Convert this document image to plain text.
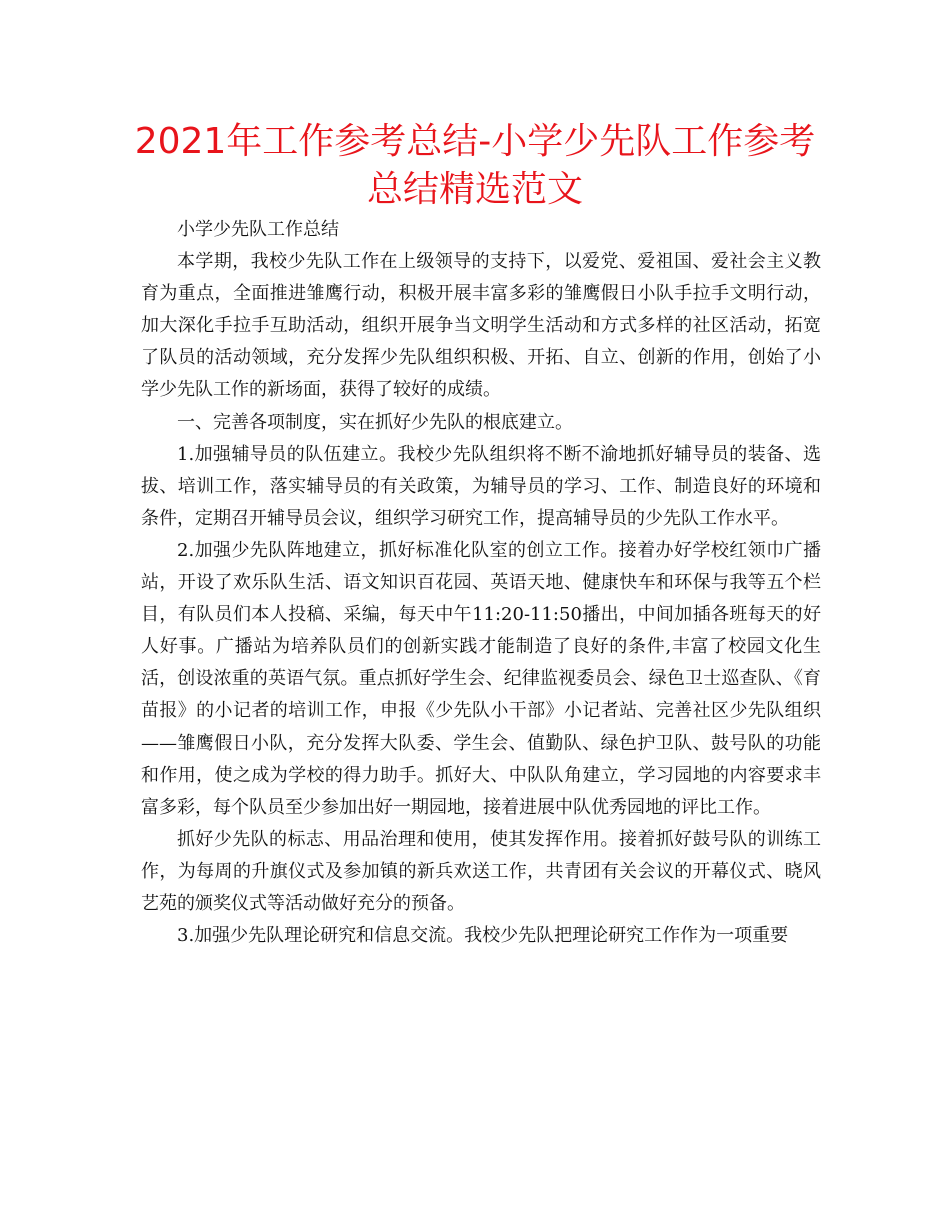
2021年工作参考总结-小学少先队工作参考总结精选范文

小学少先队工作总结

本学期，我校少先队工作在上级领导的支持下，以爱党、爱祖国、爱社会主义教育为重点，全面推进雏鹰行动，积极开展丰富多彩的雏鹰假日小队手拉手文明行动，加大深化手拉手互助活动，组织开展争当文明学生活动和方式多样的社区活动，拓宽了队员的活动领域，充分发挥少先队组织积极、开拓、自立、创新的作用，创始了小学少先队工作的新场面，获得了较好的成绩。

一、完善各项制度，实在抓好少先队的根底建立。

1.加强辅导员的队伍建立。我校少先队组织将不断不渝地抓好辅导员的装备、选拔、培训工作，落实辅导员的有关政策，为辅导员的学习、工作、制造良好的环境和条件，定期召开辅导员会议，组织学习研究工作，提高辅导员的少先队工作水平。

2.加强少先队阵地建立，抓好标准化队室的创立工作。接着办好学校红领巾广播站，开设了欢乐队生活、语文知识百花园、英语天地、健康快车和环保与我等五个栏目，有队员们本人投稿、采编，每天中午11:20-11:50播出，中间加插各班每天的好人好事。广播站为培养队员们的创新实践才能制造了良好的条件,丰富了校园文化生活，创设浓重的英语气氛。重点抓好学生会、纪律监视委员会、绿色卫士巡查队、《育苗报》的小记者的培训工作，申报《少先队小干部》小记者站、完善社区少先队组织——雏鹰假日小队，充分发挥大队委、学生会、值勤队、绿色护卫队、鼓号队的功能和作用，使之成为学校的得力助手。抓好大、中队队角建立，学习园地的内容要求丰富多彩，每个队员至少参加出好一期园地，接着进展中队优秀园地的评比工作。

抓好少先队的标志、用品治理和使用，使其发挥作用。接着抓好鼓号队的训练工作，为每周的升旗仪式及参加镇的新兵欢送工作，共青团有关会议的开幕仪式、晓风艺苑的颁奖仪式等活动做好充分的预备。

3.加强少先队理论研究和信息交流。我校少先队把理论研究工作作为一项重要
